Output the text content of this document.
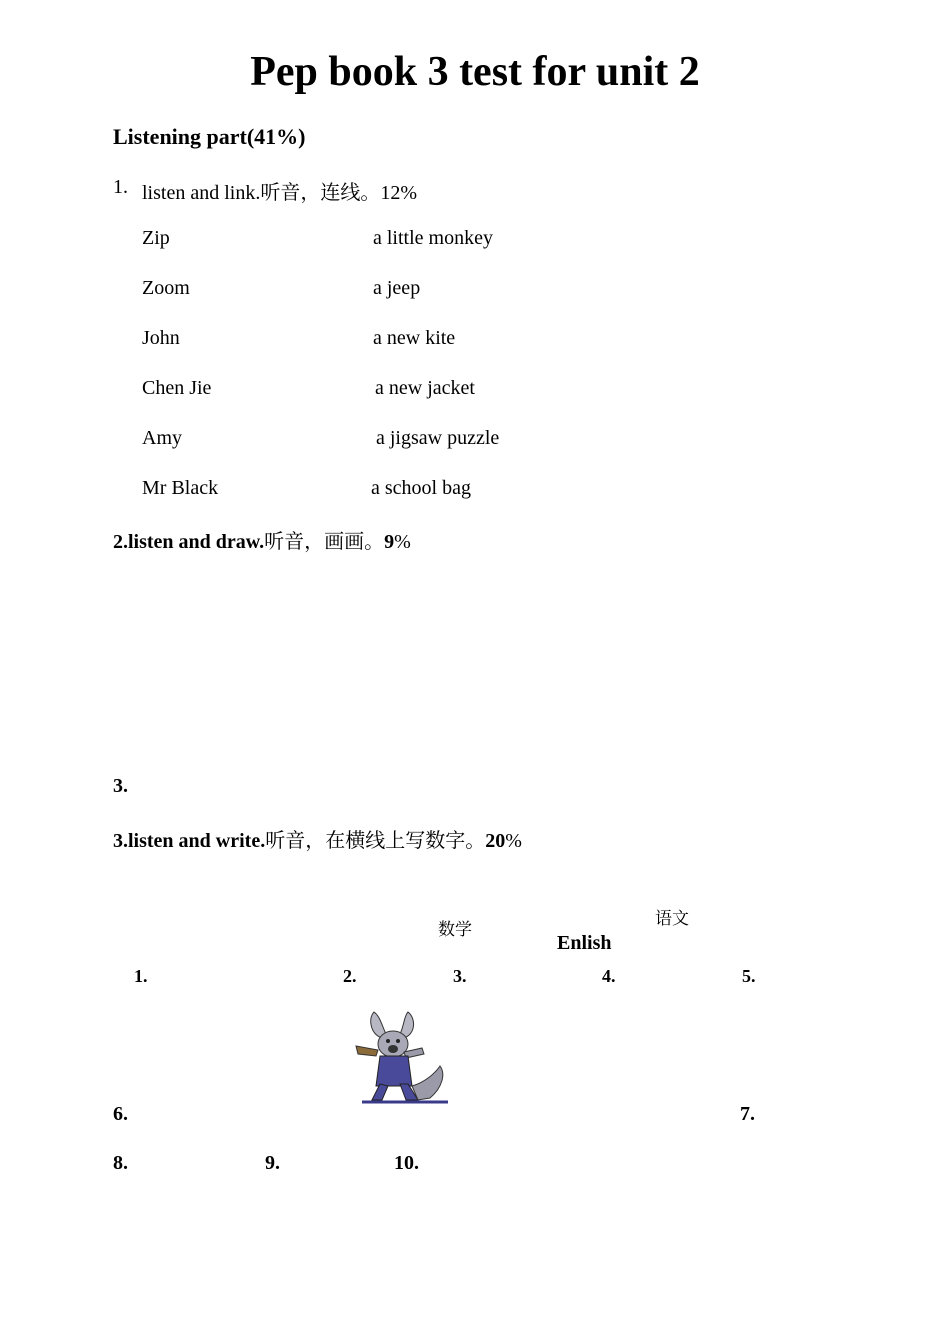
Pep book 3 test for unit 2
Listening part(41%)
1. listen and link.听音，连线。12%
Zip	a little monkey
Zoom	a jeep
John	a new kite
Chen Jie	a new jacket
Amy	a jigsaw puzzle
Mr Black	a school bag
2.listen and draw.听音，画画。9%
3.
3.listen and write.听音，在横线上写数字。20%
语文
数学
Enlish
1.	2.	3.	4.	5.
6.	7.
8.	9.	10.
